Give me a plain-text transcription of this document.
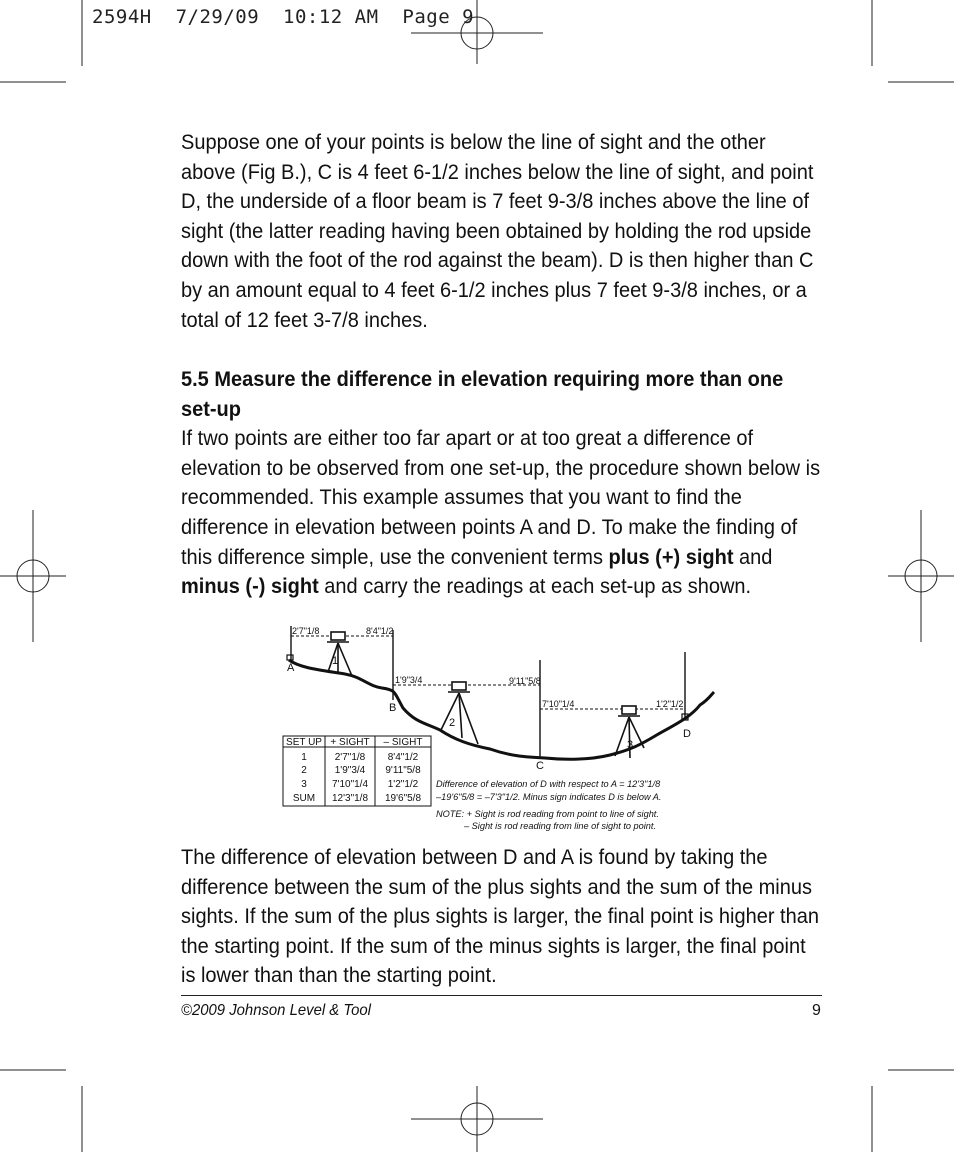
2594H  7/29/09  10:12 AM  Page 9

Suppose one of your points is below the line of sight and the other above (Fig B.), C is 4 feet 6-1/2 inches below the line of sight, and point D, the underside of a floor beam is 7 feet 9-3/8 inches above the line of sight (the latter reading having been obtained by holding the rod upside down with the foot of the rod against the beam). D is then higher than C by an amount equal to 4 feet 6-1/2 inches plus 7 feet 9-3/8 inches, or a total of 12 feet 3-7/8 inches.

5.5 Measure the difference in elevation requiring more than one set-up

If two points are either too far apart or at too great a difference of elevation to be observed from one set-up, the procedure shown below is recommended. This example assumes that you want to find the difference in elevation between points A and D. To make the finding of this difference simple, use the convenient terms plus (+) sight and minus (-) sight and carry the readings at each set-up as shown.

2'7"1/8	8'4"1/2
1'9"3/4	9'11"5/8
7'10"1/4	1'2"1/2
A
B
C
D
1
2
3
SET UP + SIGHT – SIGHT
1	2'7"1/8 8'4"1/2
2	1'9"3/4 9'11"5/8
3	7'10"1/4 1'2"1/2
SUM 12'3"1/8 19'6"5/8
Difference of elevation of D with respect to A = 12'3"1/8
–19'6"5/8 = –7'3"1/2. Minus sign indicates D is below A.
NOTE: + Sight is rod reading from point to line of sight.
– Sight is rod reading from line of sight to point.

The difference of elevation between D and A is found by taking the difference between the sum of the plus sights and the sum of the minus sights. If the sum of the plus sights is larger, the final point is higher than the starting point. If the sum of the minus sights is larger, the final point is lower than than the starting point.

©2009 Johnson Level & Tool	9
